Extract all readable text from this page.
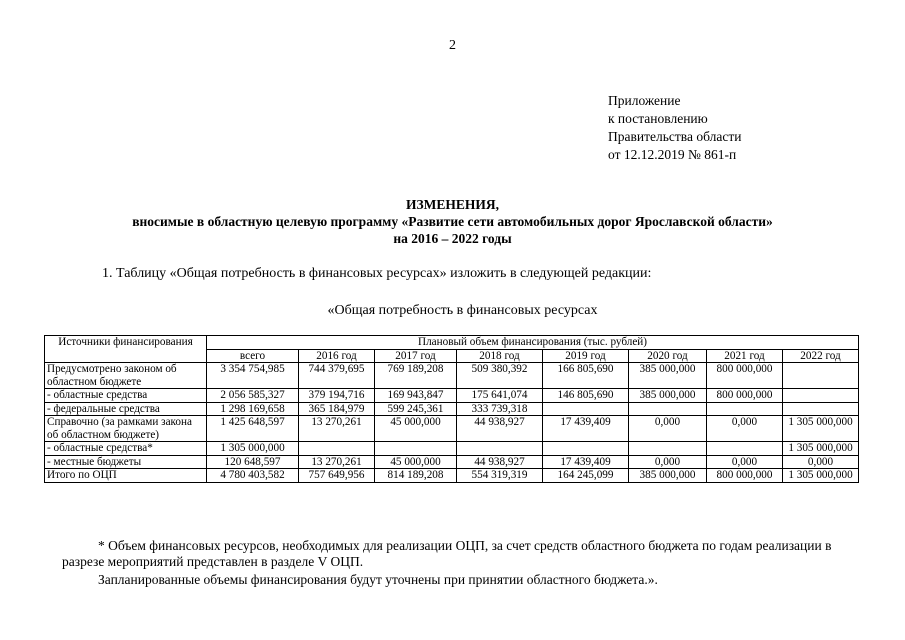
2
Приложение
к постановлению
Правительства области
от 12.12.2019 № 861-п
ИЗМЕНЕНИЯ,
вносимые в областную целевую программу «Развитие сети автомобильных дорог Ярославской области»
на 2016 – 2022 годы
1. Таблицу «Общая потребность в финансовых ресурсах» изложить в следующей редакции:
«Общая потребность в финансовых ресурсах
Источники финансирования	Плановый объем финансирования (тыс. рублей)							
	всего	2016 год	2017 год	2018 год	2019 год	2020 год	2021 год	2022 год
Предусмотрено законом об областном бюджете	3 354 754,985	744 379,695	769 189,208	509 380,392	166 805,690	385 000,000	800 000,000	
- областные средства	2 056 585,327	379 194,716	169 943,847	175 641,074	146 805,690	385 000,000	800 000,000	
- федеральные средства	1 298 169,658	365 184,979	599 245,361	333 739,318				
Справочно (за рамками закона об областном бюджете)	1 425 648,597	13 270,261	45 000,000	44 938,927	17 439,409	0,000	0,000	1 305 000,000
- областные средства*	1 305 000,000							1 305 000,000
- местные бюджеты	120 648,597	13 270,261	45 000,000	44 938,927	17 439,409	0,000	0,000	0,000
Итого по ОЦП	4 780 403,582	757 649,956	814 189,208	554 319,319	164 245,099	385 000,000	800 000,000	1 305 000,000

* Объем финансовых ресурсов, необходимых для реализации ОЦП, за счет средств областного бюджета по годам реализации в разрезе мероприятий представлен в разделе V ОЦП.

Запланированные объемы финансирования будут уточнены при принятии областного бюджета.».
